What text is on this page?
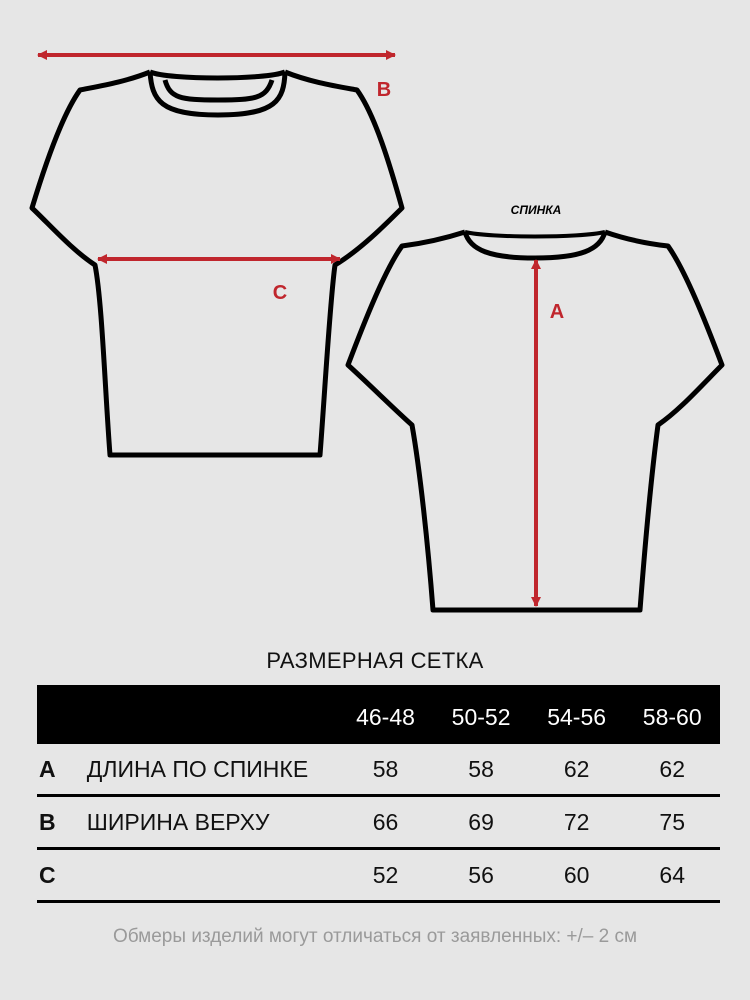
СПИНКА
B
C
A
РАЗМЕРНАЯ СЕТКА
		46-48	50-52	54-56	58-60
A	ДЛИНА ПО СПИНКЕ	58	58	62	62
B	ШИРИНА ВЕРХУ	66	69	72	75
C		52	56	60	64
Обмеры изделий могут отличаться от заявленных: +/– 2 см
